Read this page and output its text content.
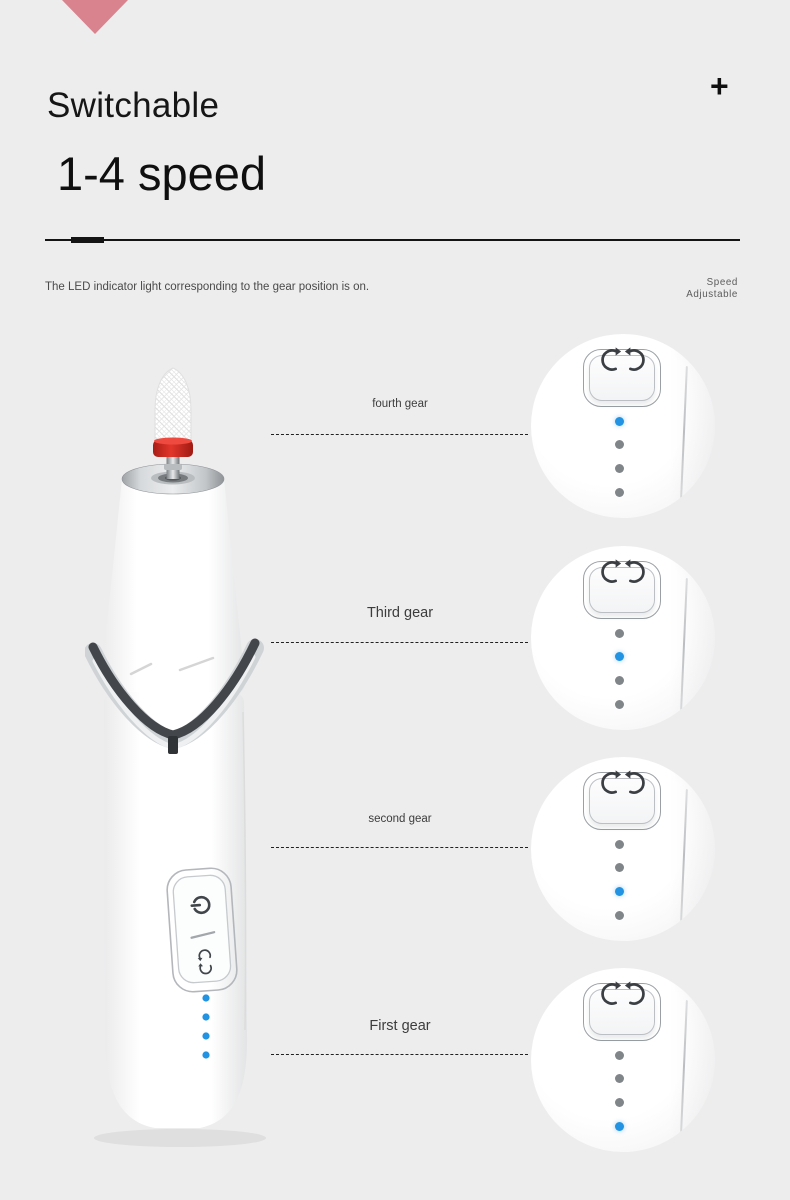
+
Switchable
1-4 speed
The LED indicator light corresponding to the gear position is on.	Speed
Adjustable
fourth gear
Third gear
second gear
First gear
